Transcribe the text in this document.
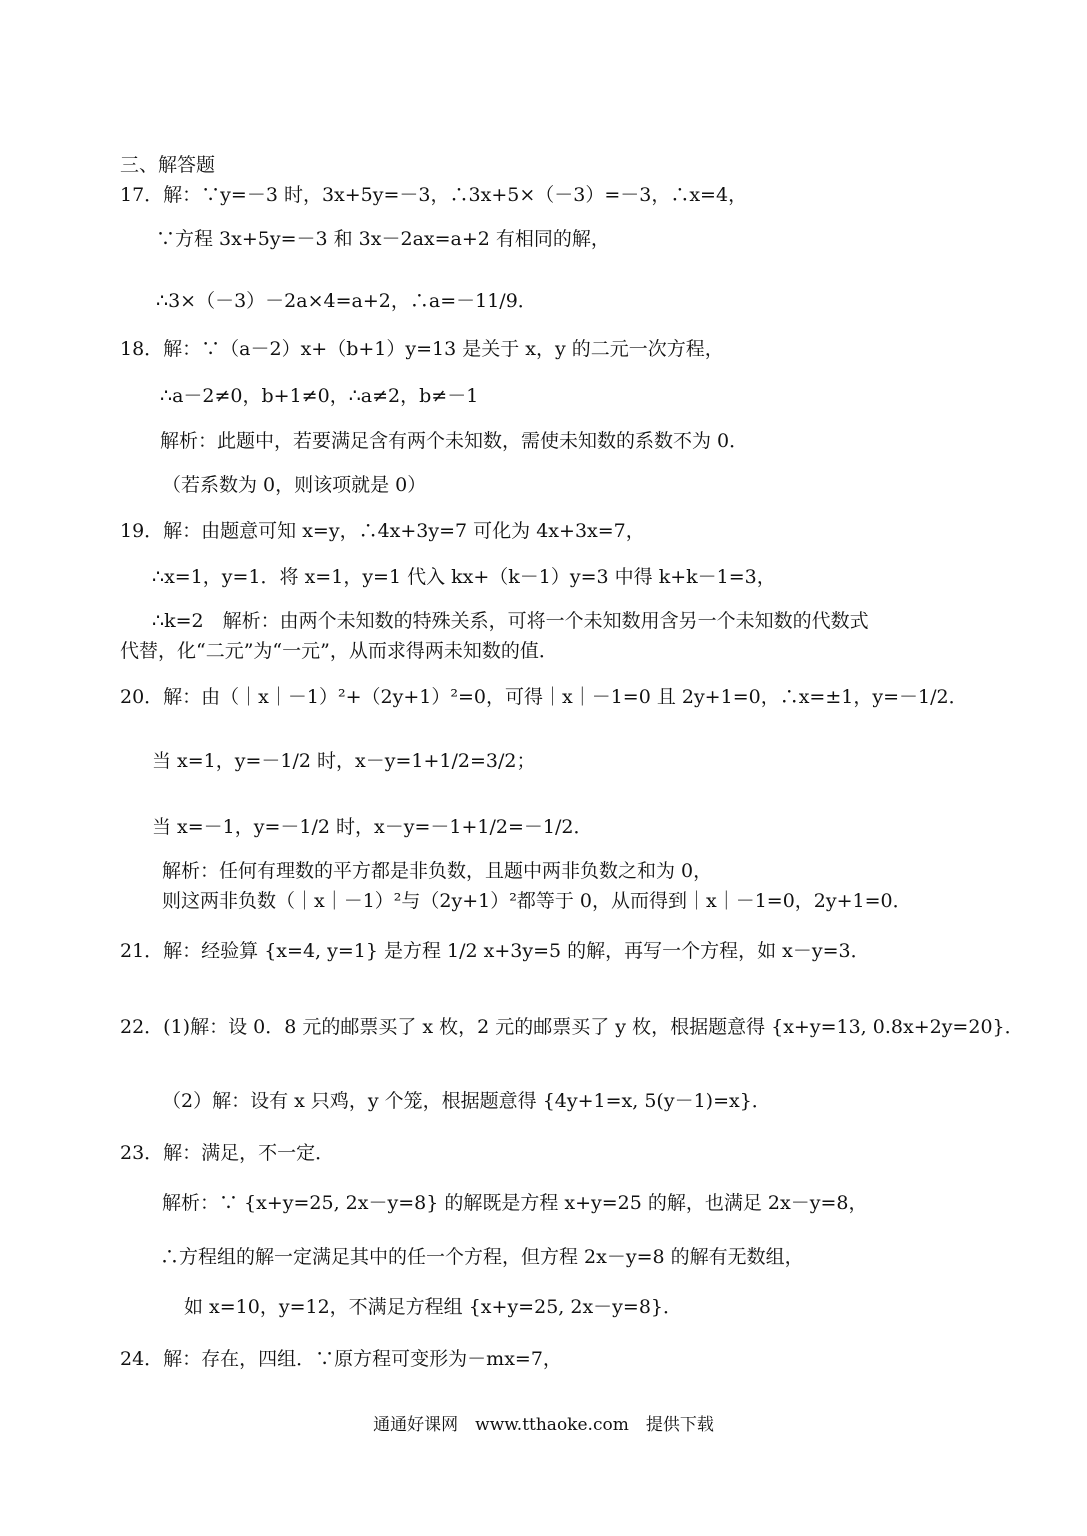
三、解答题
17．解：∵y=－3 时，3x+5y=－3，∴3x+5×（－3）=－3，∴x=4，
∵方程 3x+5y=－3 和 3x－2ax=a+2 有相同的解，
∴3×（－3）－2a×4=a+2，∴a=－11/9．
18．解：∵（a－2）x+（b+1）y=13 是关于 x，y 的二元一次方程，
∴a－2≠0，b+1≠0，∴a≠2，b≠－1
解析：此题中，若要满足含有两个未知数，需使未知数的系数不为 0．
（若系数为 0，则该项就是 0）
19．解：由题意可知 x=y，∴4x+3y=7 可化为 4x+3x=7，
∴x=1，y=1．将 x=1，y=1 代入 kx+（k－1）y=3 中得 k+k－1=3，
∴k=2　解析：由两个未知数的特殊关系，可将一个未知数用含另一个未知数的代数式
代替，化“二元”为“一元”，从而求得两未知数的值．
20．解：由（｜x｜－1）²+（2y+1）²=0，可得｜x｜－1=0 且 2y+1=0，∴x=±1，y=－1/2．
当 x=1，y=－1/2 时，x－y=1+1/2=3/2；
当 x=－1，y=－1/2 时，x－y=－1+1/2=－1/2．
解析：任何有理数的平方都是非负数，且题中两非负数之和为 0，
则这两非负数（｜x｜－1）²与（2y+1）²都等于 0，从而得到｜x｜－1=0，2y+1=0．
21．解：经验算 {x=4, y=1} 是方程 1/2 x+3y=5 的解，再写一个方程，如 x－y=3．
22．(1)解：设 0．8 元的邮票买了 x 枚，2 元的邮票买了 y 枚，根据题意得 {x+y=13, 0.8x+2y=20}．
（2）解：设有 x 只鸡，y 个笼，根据题意得 {4y+1=x, 5(y－1)=x}．
23．解：满足，不一定．
解析：∵ {x+y=25, 2x－y=8} 的解既是方程 x+y=25 的解，也满足 2x－y=8，
∴方程组的解一定满足其中的任一个方程，但方程 2x－y=8 的解有无数组，
如 x=10，y=12，不满足方程组 {x+y=25, 2x－y=8}．
24．解：存在，四组．∵原方程可变形为－mx=7，
通通好课网　www.tthaoke.com　提供下载
